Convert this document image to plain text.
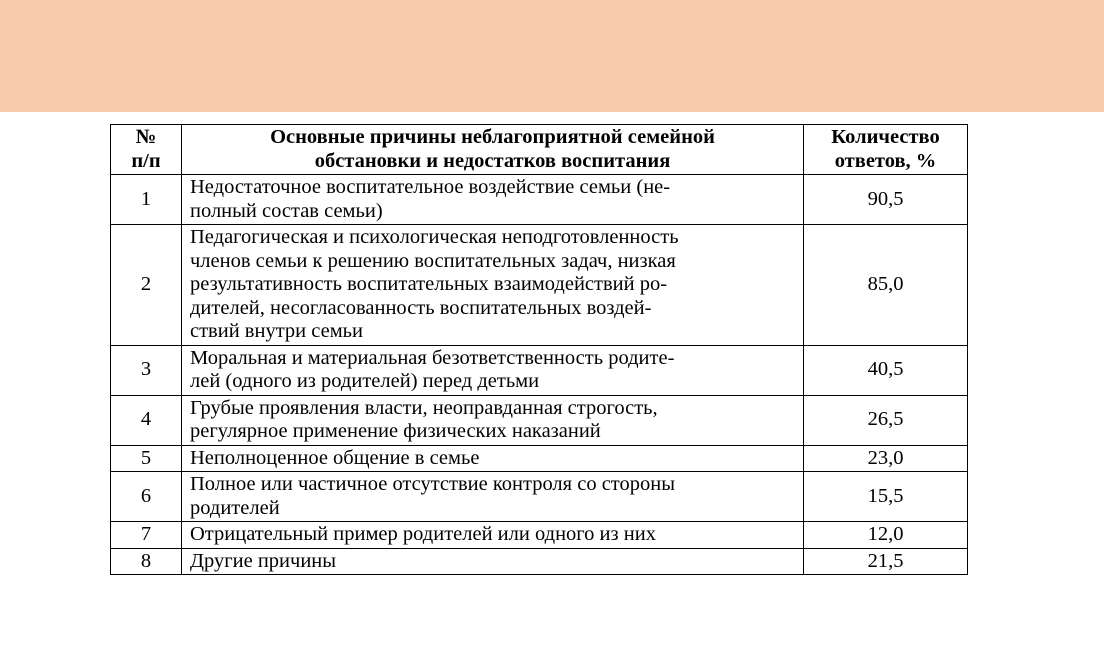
№
п/п	Основные причины неблагоприятной семейной
обстановки и недостатков воспитания	Количество
ответов, %

1	Недостаточное воспитательное воздействие семьи (не-
полный состав семьи)	90,5
2	Педагогическая и психологическая неподготовленность
членов семьи к решению воспитательных задач, низкая
результативность воспитательных взаимодействий ро-
дителей, несогласованность воспитательных воздей-
ствий внутри семьи	85,0
3	Моральная и материальная безответственность родите-
лей (одного из родителей) перед детьми	40,5
4	Грубые проявления власти, неоправданная строгость,
регулярное применение физических наказаний	26,5
5	Неполноценное общение в семье	23,0
6	Полное или частичное отсутствие контроля со стороны
родителей	15,5
7	Отрицательный пример родителей или одного из них	12,0
8	Другие причины	21,5
